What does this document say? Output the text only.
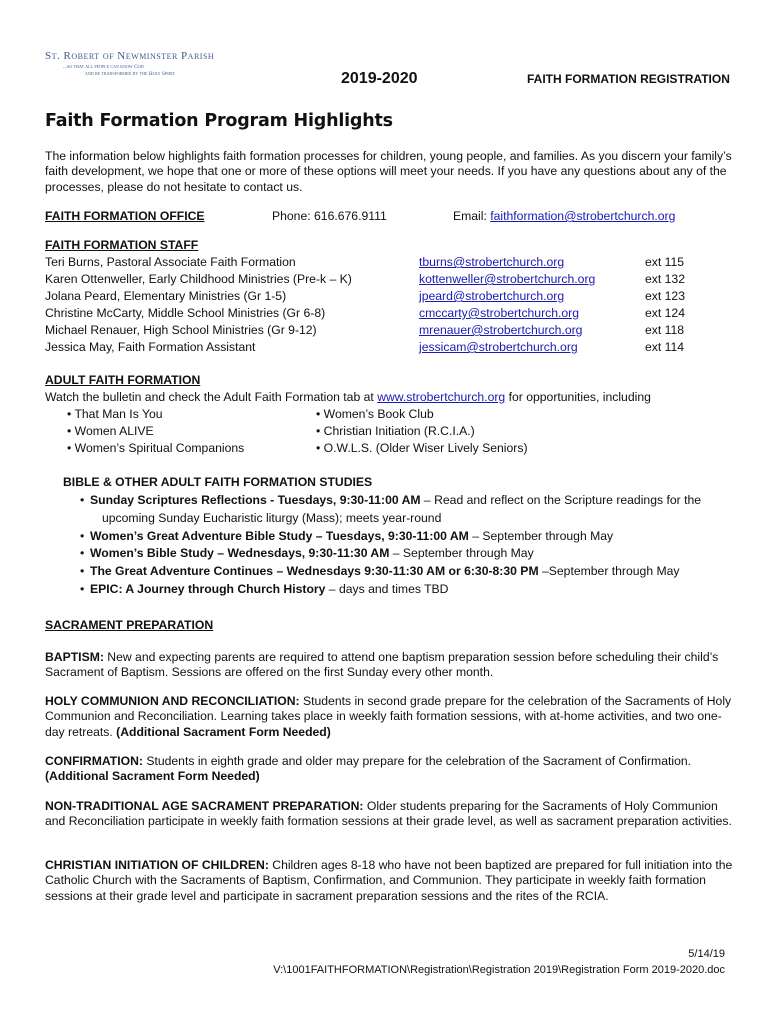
St. Robert of Newminster Parish
...so that all people can know God
and be transformed by the Holy Spirit	2019-2020	FAITH FORMATION REGISTRATION
Faith Formation Program Highlights
The information below highlights faith formation processes for children, young people, and families. As you discern your family’s faith development, we hope that one or more of these options will meet your needs. If you have any questions about any of the processes, please do not hesitate to contact us.
FAITH FORMATION OFFICE	Phone: 616.676.9111	Email: faithformation@strobertchurch.org
FAITH FORMATION STAFF
Teri Burns, Pastoral Associate Faith Formation	tburns@strobertchurch.org	ext 115
Karen Ottenweller, Early Childhood Ministries (Pre-k – K)	kottenweller@strobertchurch.org	ext 132
Jolana Peard, Elementary Ministries (Gr 1-5)	jpeard@strobertchurch.org	ext 123
Christine McCarty, Middle School Ministries (Gr 6-8)	cmccarty@strobertchurch.org	ext 124
Michael Renauer, High School Ministries (Gr 9-12)	mrenauer@strobertchurch.org	ext 118
Jessica May, Faith Formation Assistant	jessicam@strobertchurch.org	ext 114
ADULT FAITH FORMATION
Watch the bulletin and check the Adult Faith Formation tab at www.strobertchurch.org for opportunities, including
• That Man Is You
• Women ALIVE
• Women’s Spiritual Companions
• Women’s Book Club
• Christian Initiation (R.C.I.A.)
• O.W.L.S. (Older Wiser Lively Seniors)
BIBLE & OTHER ADULT FAITH FORMATION STUDIES
• Sunday Scriptures Reflections - Tuesdays, 9:30-11:00 AM – Read and reflect on the Scripture readings for the
upcoming Sunday Eucharistic liturgy (Mass); meets year-round
• Women’s Great Adventure Bible Study – Tuesdays, 9:30-11:00 AM – September through May
• Women’s Bible Study – Wednesdays, 9:30-11:30 AM – September through May
• The Great Adventure Continues – Wednesdays 9:30-11:30 AM or 6:30-8:30 PM –September through May
• EPIC: A Journey through Church History – days and times TBD
SACRAMENT PREPARATION
BAPTISM: New and expecting parents are required to attend one baptism preparation session before scheduling their child’s Sacrament of Baptism. Sessions are offered on the first Sunday every other month.
HOLY COMMUNION AND RECONCILIATION: Students in second grade prepare for the celebration of the Sacraments of Holy Communion and Reconciliation. Learning takes place in weekly faith formation sessions, with at-home activities, and two one-day retreats. (Additional Sacrament Form Needed)
CONFIRMATION: Students in eighth grade and older may prepare for the celebration of the Sacrament of Confirmation. (Additional Sacrament Form Needed)
NON-TRADITIONAL AGE SACRAMENT PREPARATION: Older students preparing for the Sacraments of Holy Communion and Reconciliation participate in weekly faith formation sessions at their grade level, as well as sacrament preparation activities.
CHRISTIAN INITIATION OF CHILDREN: Children ages 8-18 who have not been baptized are prepared for full initiation into the Catholic Church with the Sacraments of Baptism, Confirmation, and Communion. They participate in weekly faith formation sessions at their grade level and participate in sacrament preparation sessions and the rites of the RCIA.
5/14/19
V:\1001FAITHFORMATION\Registration\Registration 2019\Registration Form 2019-2020.doc
